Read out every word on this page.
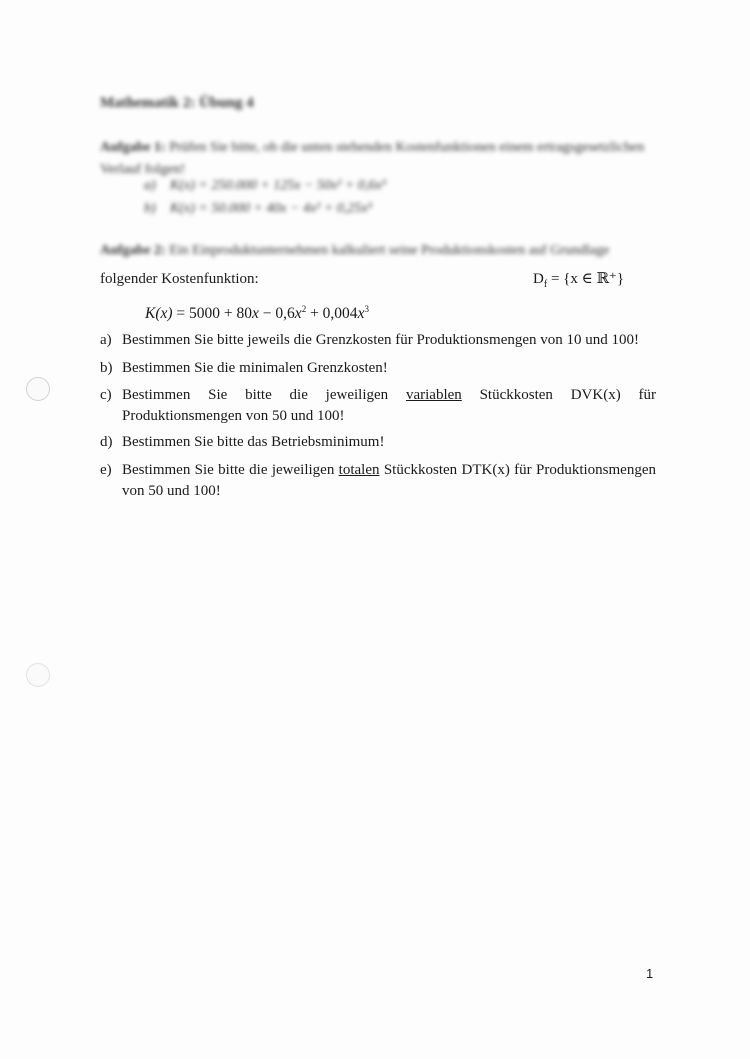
Mathematik 2: Übung 4
Aufgabe 1: Prüfen Sie bitte, ob die unten stehenden Kostenfunktionen einem ertragsgesetzlichen Verlauf folgen!
a) K(x) = 250.000 + 125x − 50x² + 0,6x³
b) K(x) = 50.000 + 40x − 4x² + 0,25x³
Aufgabe 2: Ein Einproduktunternehmen kalkuliert seine Produktionskosten auf Grundlage
folgender Kostenfunktion:	$D_f = \{x$ ∈ ℝ⁺}
$K(x) = 5000 + 80x - 0,6x^2 + 0,004x^3$
a) Bestimmen Sie bitte jeweils die Grenzkosten für Produktionsmengen von 10 und 100!
b) Bestimmen Sie die minimalen Grenzkosten!
c) Bestimmen Sie bitte die jeweiligen variablen Stückkosten DVK(x) für Produktionsmengen von 50 und 100!
d) Bestimmen Sie bitte das Betriebsminimum!
e) Bestimmen Sie bitte die jeweiligen totalen Stückkosten DTK(x) für Produktionsmengen von 50 und 100!
1
